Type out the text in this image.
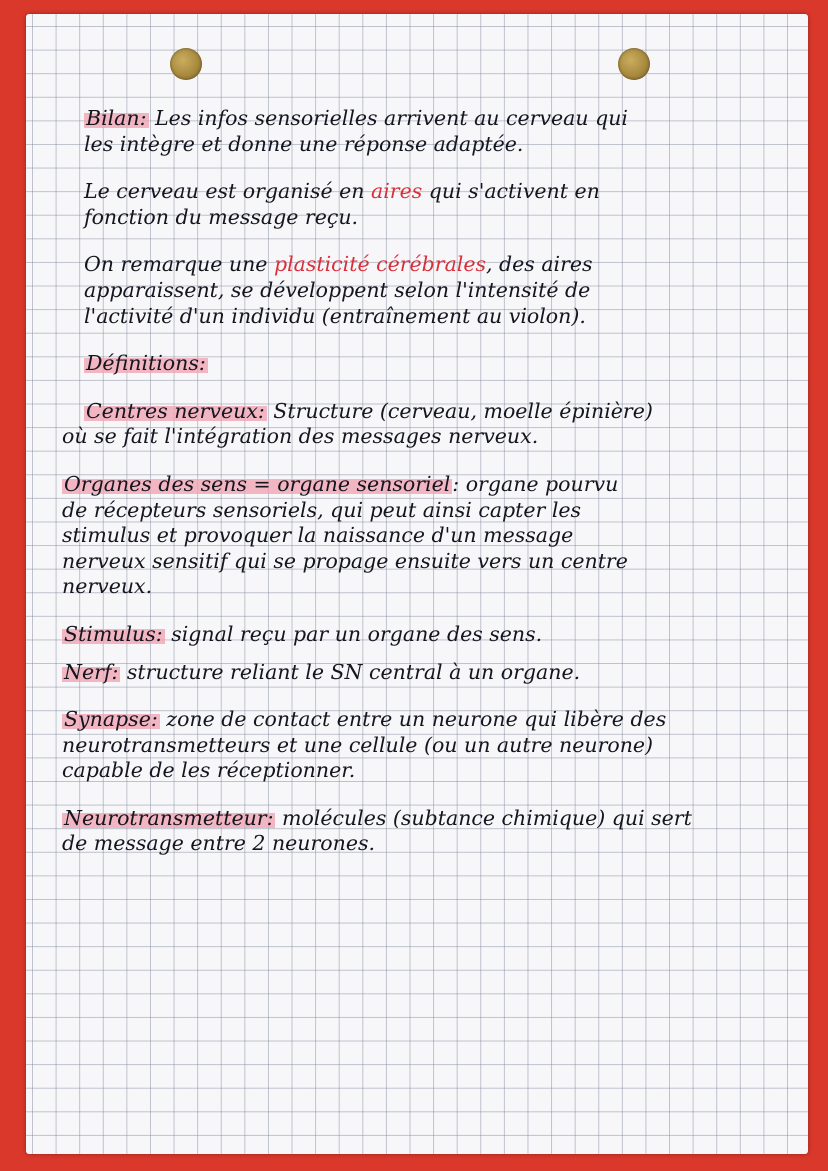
Bilan: Les infos sensorielles arrivent au cerveau qui
les intègre et donne une réponse adaptée.
Le cerveau est organisé en aires qui s'activent en
fonction du message reçu.
On remarque une plasticité cérébrales, des aires
apparaissent, se développent selon l'intensité de
l'activité d'un individu (entraînement au violon).
Définitions:
Centres nerveux: Structure (cerveau, moelle épinière)
où se fait l'intégration des messages nerveux.
Organes des sens = organe sensoriel: organe pourvu
de récepteurs sensoriels, qui peut ainsi capter les
stimulus et provoquer la naissance d'un message
nerveux sensitif qui se propage ensuite vers un centre
nerveux.
Stimulus: signal reçu par un organe des sens.
Nerf: structure reliant le SN central à un organe.
Synapse: zone de contact entre un neurone qui libère des
neurotransmetteurs et une cellule (ou un autre neurone)
capable de les réceptionner.
Neurotransmetteur: molécules (subtance chimique) qui sert
de message entre 2 neurones.
